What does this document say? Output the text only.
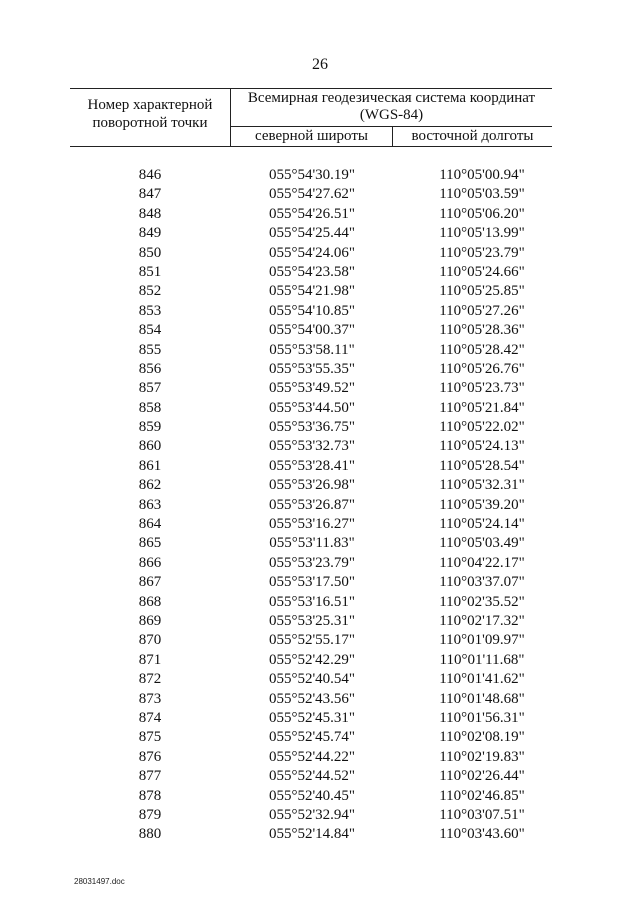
26
Номер характерной поворотной точки
Всемирная геодезическая система координат (WGS-84)
северной широты	восточной долготы
846	055°54'30.19"	110°05'00.94"
847	055°54'27.62"	110°05'03.59"
848	055°54'26.51"	110°05'06.20"
849	055°54'25.44"	110°05'13.99"
850	055°54'24.06"	110°05'23.79"
851	055°54'23.58"	110°05'24.66"
852	055°54'21.98"	110°05'25.85"
853	055°54'10.85"	110°05'27.26"
854	055°54'00.37"	110°05'28.36"
855	055°53'58.11"	110°05'28.42"
856	055°53'55.35"	110°05'26.76"
857	055°53'49.52"	110°05'23.73"
858	055°53'44.50"	110°05'21.84"
859	055°53'36.75"	110°05'22.02"
860	055°53'32.73"	110°05'24.13"
861	055°53'28.41"	110°05'28.54"
862	055°53'26.98"	110°05'32.31"
863	055°53'26.87"	110°05'39.20"
864	055°53'16.27"	110°05'24.14"
865	055°53'11.83"	110°05'03.49"
866	055°53'23.79"	110°04'22.17"
867	055°53'17.50"	110°03'37.07"
868	055°53'16.51"	110°02'35.52"
869	055°53'25.31"	110°02'17.32"
870	055°52'55.17"	110°01'09.97"
871	055°52'42.29"	110°01'11.68"
872	055°52'40.54"	110°01'41.62"
873	055°52'43.56"	110°01'48.68"
874	055°52'45.31"	110°01'56.31"
875	055°52'45.74"	110°02'08.19"
876	055°52'44.22"	110°02'19.83"
877	055°52'44.52"	110°02'26.44"
878	055°52'40.45"	110°02'46.85"
879	055°52'32.94"	110°03'07.51"
880	055°52'14.84"	110°03'43.60"
28031497.doc
